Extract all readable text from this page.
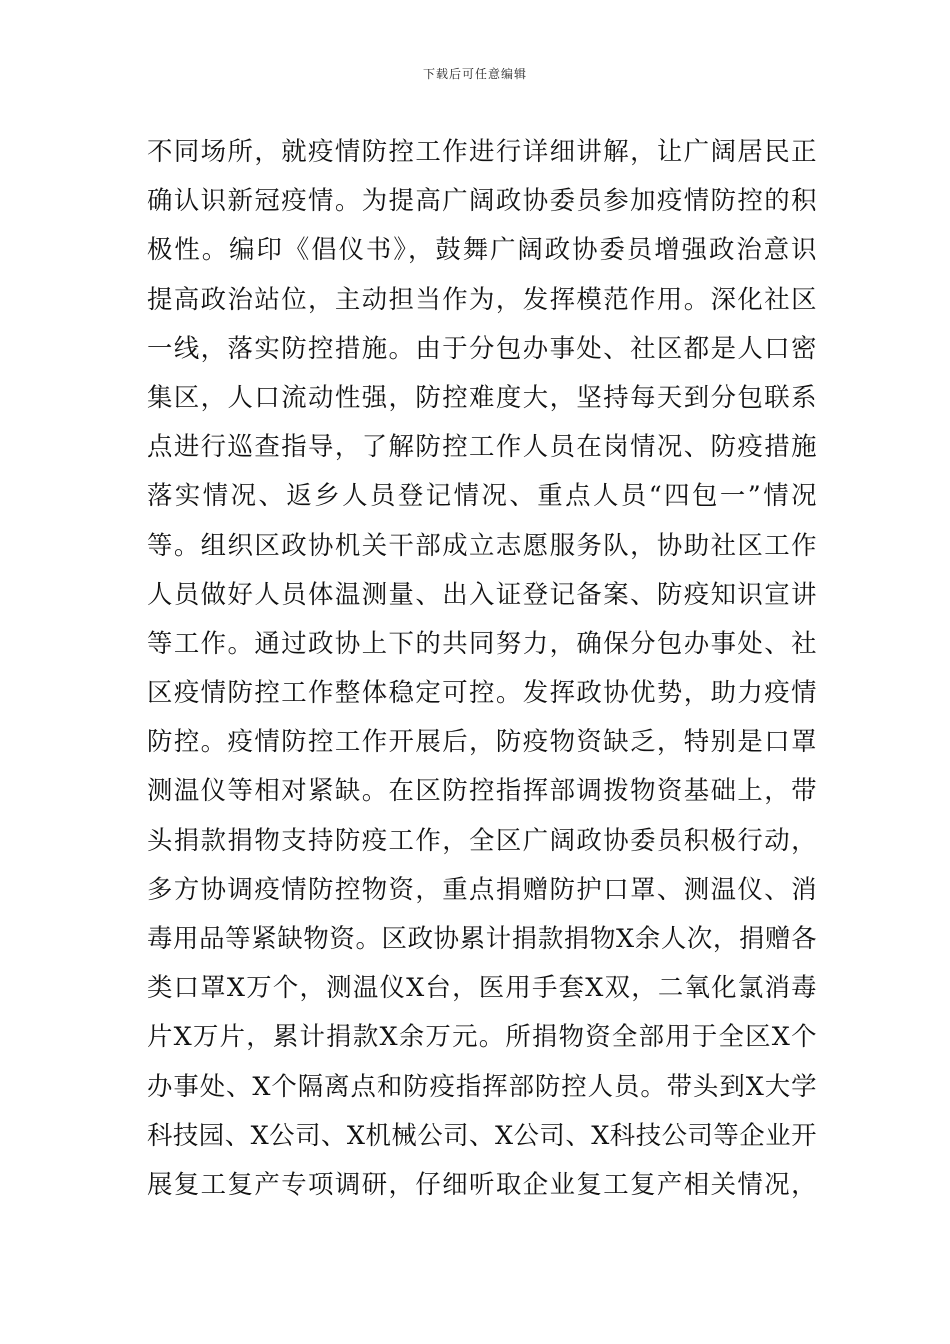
下载后可任意编辑
不同场所，就疫情防控工作进行详细讲解，让广阔居民正
确认识新冠疫情。为提高广阔政协委员参加疫情防控的积
极性。编印《倡仪书》，鼓舞广阔政协委员增强政治意识
提高政治站位，主动担当作为，发挥模范作用。深化社区
一线，落实防控措施。由于分包办事处、社区都是人口密
集区，人口流动性强，防控难度大，坚持每天到分包联系
点进行巡查指导，了解防控工作人员在岗情况、防疫措施
落实情况、返乡人员登记情况、重点人员“四包一”情况
等。组织区政协机关干部成立志愿服务队，协助社区工作
人员做好人员体温测量、出入证登记备案、防疫知识宣讲
等工作。通过政协上下的共同努力，确保分包办事处、社
区疫情防控工作整体稳定可控。发挥政协优势，助力疫情
防控。疫情防控工作开展后，防疫物资缺乏，特别是口罩
测温仪等相对紧缺。在区防控指挥部调拨物资基础上，带
头捐款捐物支持防疫工作，全区广阔政协委员积极行动，
多方协调疫情防控物资，重点捐赠防护口罩、测温仪、消
毒用品等紧缺物资。区政协累计捐款捐物X余人次，捐赠各
类口罩X万个，测温仪X台，医用手套X双，二氧化氯消毒
片X万片，累计捐款X余万元。所捐物资全部用于全区X个
办事处、X个隔离点和防疫指挥部防控人员。带头到X大学
科技园、X公司、X机械公司、X公司、X科技公司等企业开
展复工复产专项调研，仔细听取企业复工复产相关情况，
